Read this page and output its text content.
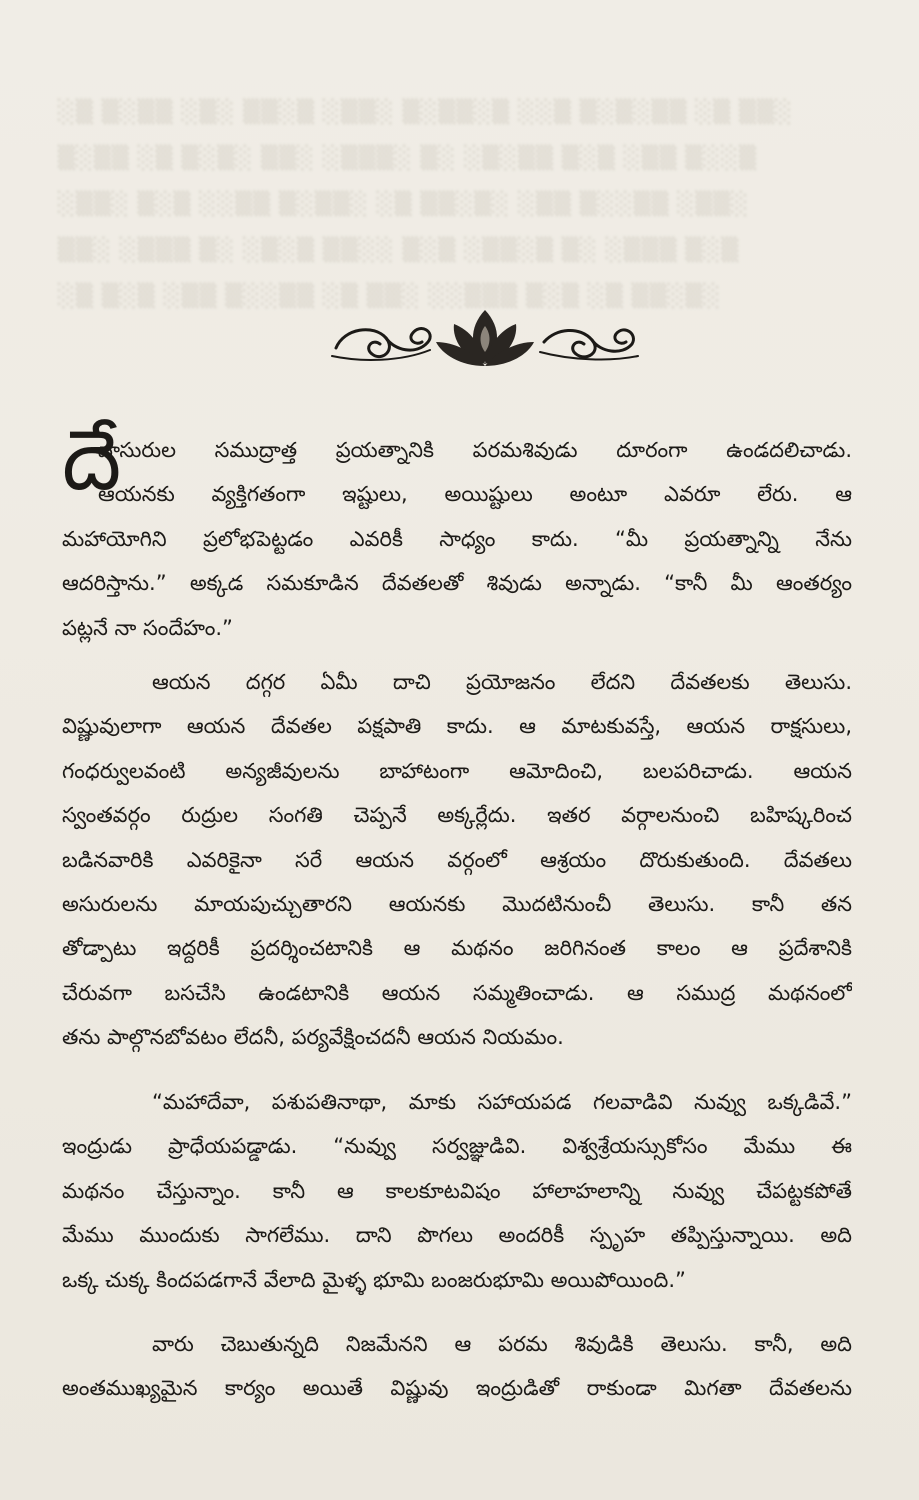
░▒ ▒░▒▒ ░▒░ ▒▒░▒ ░▒▒░ ▒░▒▒░▒ ░░▒ ▒░▒░▒▒ ░▒ ▒▒░
▒░▒▒ ░▒ ▒░▒░ ▒▒░ ░▒▒▒░ ▒░ ░▒░▒▒ ▒░▒ ░▒▒ ▒░░▒
░▒▒░ ▒░▒ ░░▒▒ ▒░▒▒░ ░▒ ▒▒░▒░ ░▒▒ ▒░░▒▒ ░▒▒░
▒▒░ ░▒▒▒ ▒░ ░▒░▒ ▒▒░░ ▒░▒ ░▒▒░▒ ▒░ ░▒▒▒ ▒░▒
░▒ ▒░▒ ░▒▒ ▒░░▒▒ ░▒ ▒▒░ ░░▒▒▒ ▒░▒ ░▒ ▒▒░▒░
దే
వాసురుల సముద్రాత్త ప్రయత్నానికి పరమశివుడు దూరంగా ఉండదలిచాడు.
ఆయనకు వ్యక్తిగతంగా ఇష్టులు, అయిష్టులు అంటూ ఎవరూ లేరు. ఆ
మహాయోగిని ప్రలోభపెట్టడం ఎవరికీ సాధ్యం కాదు. “మీ ప్రయత్నాన్ని నేను
ఆదరిస్తాను.” అక్కడ సమకూడిన దేవతలతో శివుడు అన్నాడు. “కానీ మీ ఆంతర్యం
పట్లనే నా సందేహం.”
ఆయన దగ్గర ఏమీ దాచి ప్రయోజనం లేదని దేవతలకు తెలుసు.
విష్ణువులాగా ఆయన దేవతల పక్షపాతి కాదు. ఆ మాటకువస్తే, ఆయన రాక్షసులు,
గంధర్వులవంటి అన్యజీవులను బాహాటంగా ఆమోదించి, బలపరిచాడు. ఆయన
స్వంతవర్గం రుద్రుల సంగతి చెప్పనే అక్కర్లేదు. ఇతర వర్గాలనుంచి బహిష్కరించ
బడినవారికి ఎవరికైనా సరే ఆయన వర్గంలో ఆశ్రయం దొరుకుతుంది. దేవతలు
అసురులను మాయపుచ్చుతారని ఆయనకు మొదటినుంచీ తెలుసు. కానీ తన
తోడ్పాటు ఇద్దరికీ ప్రదర్శించటానికి ఆ మథనం జరిగినంత కాలం ఆ ప్రదేశానికి
చేరువగా బసచేసి ఉండటానికి ఆయన సమ్మతించాడు. ఆ సముద్ర మథనంలో
తను పాల్గొనబోవటం లేదనీ, పర్యవేక్షించదనీ ఆయన నియమం.
“మహాదేవా, పశుపతినాథా, మాకు సహాయపడ గలవాడివి నువ్వు ఒక్కడివే.”
ఇంద్రుడు ప్రాధేయపడ్డాడు. “నువ్వు సర్వజ్ఞుడివి. విశ్వశ్రేయస్సుకోసం మేము ఈ
మథనం చేస్తున్నాం. కానీ ఆ కాలకూటవిషం హాలాహలాన్ని నువ్వు చేపట్టకపోతే
మేము ముందుకు సాగలేము. దాని పొగలు అందరికీ స్పృహ తప్పిస్తున్నాయి. అది
ఒక్క చుక్క కిందపడగానే వేలాది మైళ్ళ భూమి బంజరుభూమి అయిపోయింది.”
వారు చెబుతున్నది నిజమేనని ఆ పరమ శివుడికి తెలుసు. కానీ, అది
అంతముఖ్యమైన కార్యం అయితే విష్ణువు ఇంద్రుడితో రాకుండా మిగతా దేవతలను
